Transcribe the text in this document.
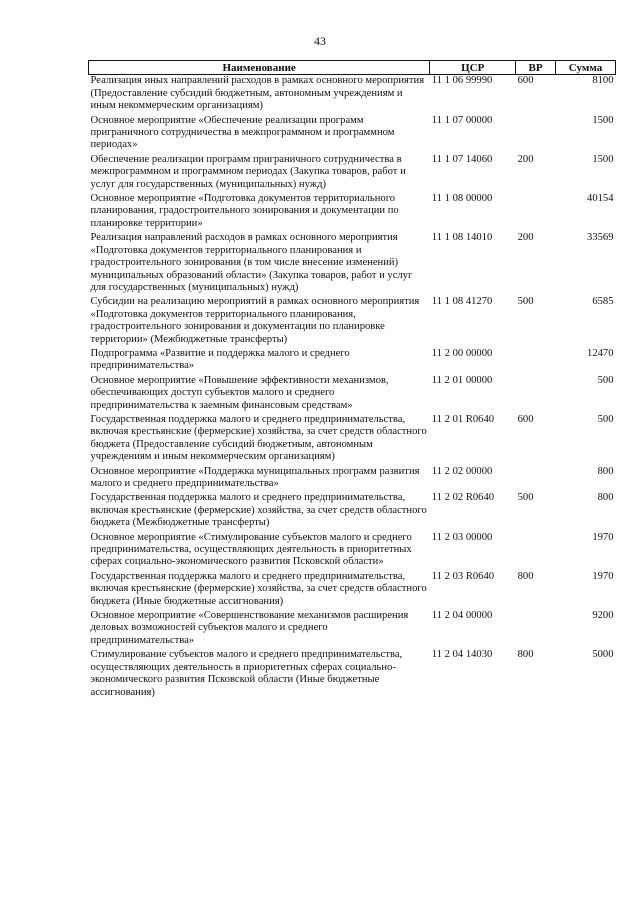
43
Наименование	ЦСР	ВР	Сумма
Реализация иных направлений расходов в рамках основного мероприятия (Предоставление субсидий бюджетным, автономным учреждениям и иным некоммерческим организациям)	11 1 06 99990	600	8100
Основное мероприятие «Обеспечение реализации программ приграничного сотрудничества в межпрограммном и программном периодах»	11 1 07 00000		1500
Обеспечение реализации программ приграничного сотрудничества в межпрограммном и программном периодах (Закупка товаров, работ и услуг для государственных (муниципальных) нужд)	11 1 07 14060	200	1500
Основное мероприятие «Подготовка документов территориального планирования, градостроительного зонирования и документации по планировке территории»	11 1 08 00000		40154
Реализация направлений расходов в рамках основного мероприятия «Подготовка документов территориального планирования и градостроительного зонирования (в том числе внесение изменений) муниципальных образований области» (Закупка товаров, работ и услуг для государственных (муниципальных) нужд)	11 1 08 14010	200	33569
Субсидии на реализацию мероприятий в рамках основного мероприятия «Подготовка документов территориального планирования, градостроительного зонирования и документации по планировке территории» (Межбюджетные трансферты)	11 1 08 41270	500	6585
Подпрограмма «Развитие и поддержка малого и среднего предпринимательства»	11 2 00 00000		12470
Основное мероприятие «Повышение эффективности механизмов, обеспечивающих доступ субъектов малого и среднего предпринимательства к заемным финансовым средствам»	11 2 01 00000		500
Государственная поддержка малого и среднего предпринимательства, включая крестьянские (фермерские) хозяйства, за счет средств областного бюджета (Предоставление субсидий бюджетным, автономным учреждениям и иным некоммерческим организациям)	11 2 01 R0640	600	500
Основное мероприятие «Поддержка муниципальных программ развития малого и среднего предпринимательства»	11 2 02 00000		800
Государственная поддержка малого и среднего предпринимательства, включая крестьянские (фермерские) хозяйства, за счет средств областного бюджета (Межбюджетные трансферты)	11 2 02 R0640	500	800
Основное мероприятие «Стимулирование субъектов малого и среднего предпринимательства, осуществляющих деятельность в приоритетных сферах социально-экономического развития Псковской области»	11 2 03 00000		1970
Государственная поддержка малого и среднего предпринимательства, включая крестьянские (фермерские) хозяйства, за счет средств областного бюджета (Иные бюджетные ассигнования)	11 2 03 R0640	800	1970
Основное мероприятие «Совершенствование механизмов расширения деловых возможностей субъектов малого и среднего предпринимательства»	11 2 04 00000		9200
Стимулирование субъектов малого и среднего предпринимательства, осуществляющих деятельность в приоритетных сферах социально-экономического развития Псковской области (Иные бюджетные ассигнования)	11 2 04 14030	800	5000
